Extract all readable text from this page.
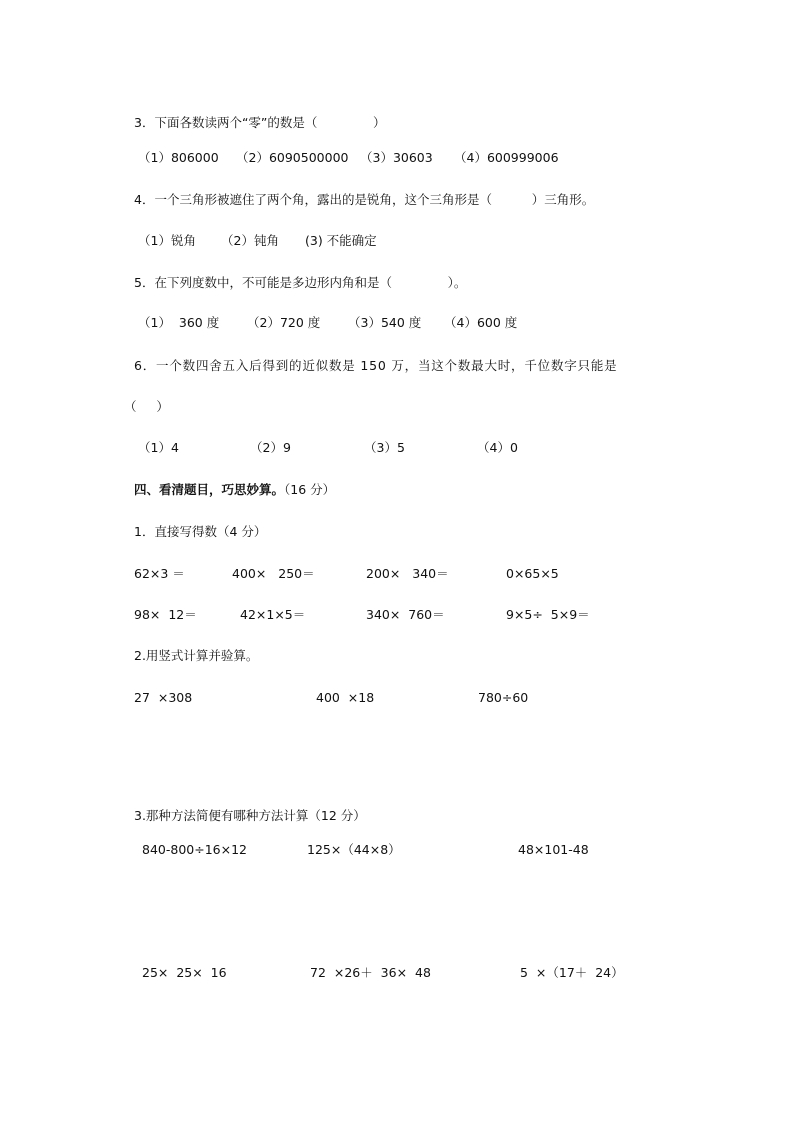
3．下面各数读两个“零”的数是（              ）
（1）806000 （2）6090500000 （3）30603 （4）600999006
4．一个三角形被遮住了两个角，露出的是锐角，这个三角形是（          ）三角形。
（1）锐角 （2）钝角 (3) 不能确定
5．在下列度数中，不可能是多边形内角和是（              ）。
（1）  360 度 （2）720 度 （3）540 度 （4）600 度
6．一个数四舍五入后得到的近似数是 150 万，当这个数最大时，千位数字只能是
（     ）
（1）4	（2）9	（3）5	（4）0
四、看清题目，巧思妙算。（16 分）
1．直接写得数（4 分）
62×3 ＝	400×   250＝	200×   340＝	0×65×5
98×  12＝	42×1×5＝	340×  760＝	9×5÷  5×9＝
2.用竖式计算并验算。
27  ×308	400  ×18	780÷60
3.那种方法简便有哪种方法计算（12 分）
840-800÷16×12	125×（44×8）	48×101-48
25×  25×  16	72  ×26＋  36×  48	5  ×（17＋  24）
